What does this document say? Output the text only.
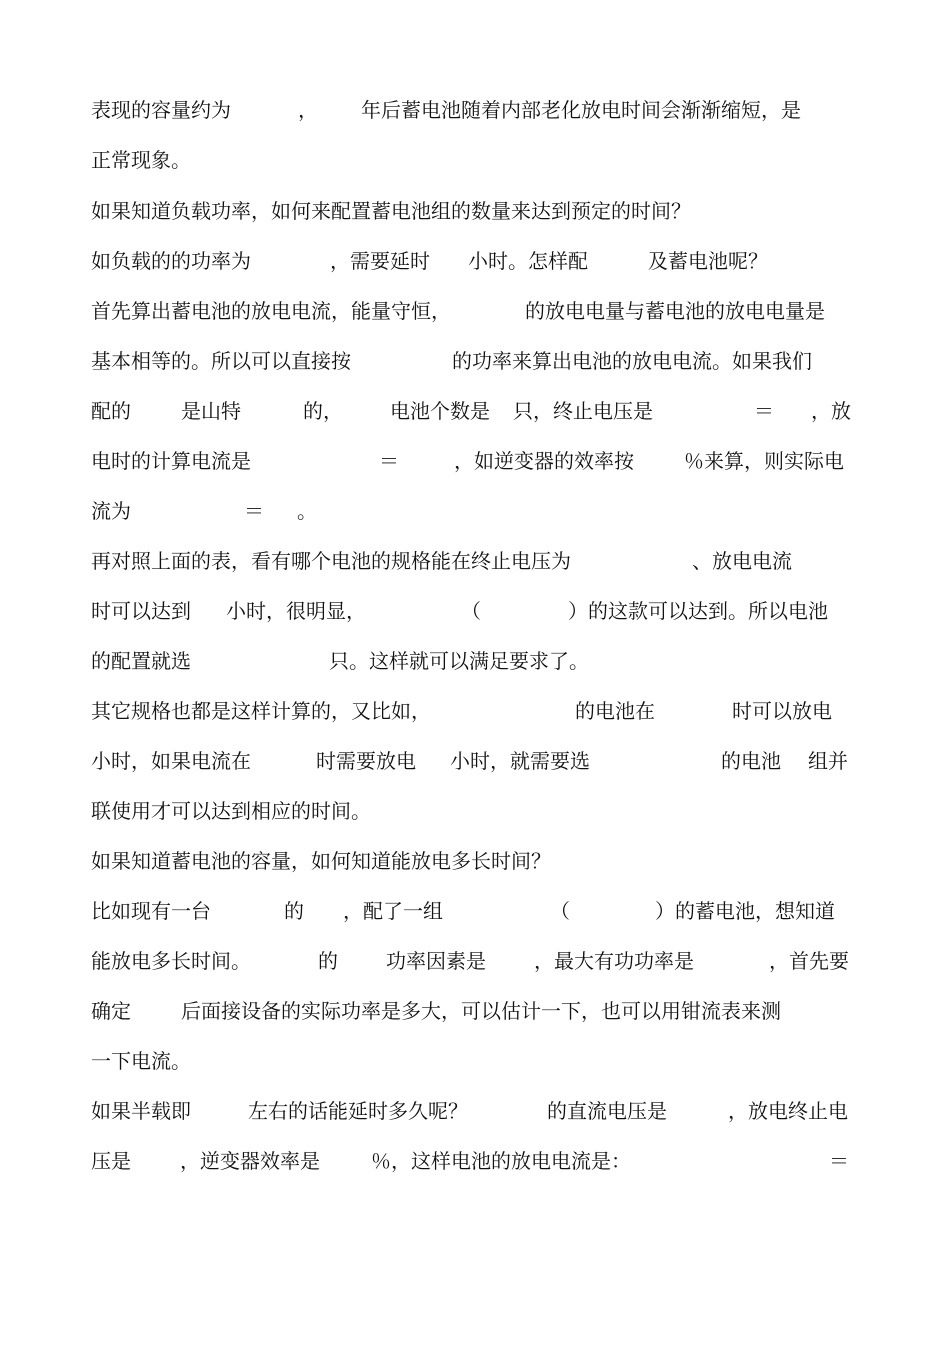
表现的容量约为

	，

年后蓄电池随着内部老化放电时间会渐渐缩短，是

正常现象。

如果知道负载功率，如何来配置蓄电池组的数量来达到预定的时间？

如负载的的功率为

	，需要延时

小时。怎样配

	及蓄电池呢？

首先算出蓄电池的放电电流，能量守恒，

	的放电电量与蓄电池的放电电量是

基本相等的。所以可以直接按

	的功率来算出电池的放电电流。如果我们

配的

	是山特

	的，

电池个数是

只，终止电压是

	＝

，放

电时的计算电流是

	＝

	，如逆变器的效率按

	％来算，则实际电

流为

	＝

。

再对照上面的表，看有哪个电池的规格能在终止电压为

	、放电电流

时可以达到

小时，很明显，

	（

	）的这款可以达到。所以电池

的配置就选

	只。这样就可以满足要求了。

其它规格也都是这样计算的，又比如，

	的电池在

	时可以放电

小时，如果电流在

	时需要放电

小时，就需要选

	的电池

组并

联使用才可以达到相应的时间。

如果知道蓄电池的容量，如何知道能放电多长时间？

比如现有一台

	的

，配了一组

	（

	）的蓄电池，想知道

能放电多长时间。

	的

功率因素是

，最大有功功率是

	，首先要

确定

	后面接设备的实际功率是多大，可以估计一下，也可以用钳流表来测

一下电流。

如果半载即

	左右的话能延时多久呢？

	的直流电压是

	，放电终止电

压是

，逆变器效率是

	％，这样电池的放电电流是：

	＝
